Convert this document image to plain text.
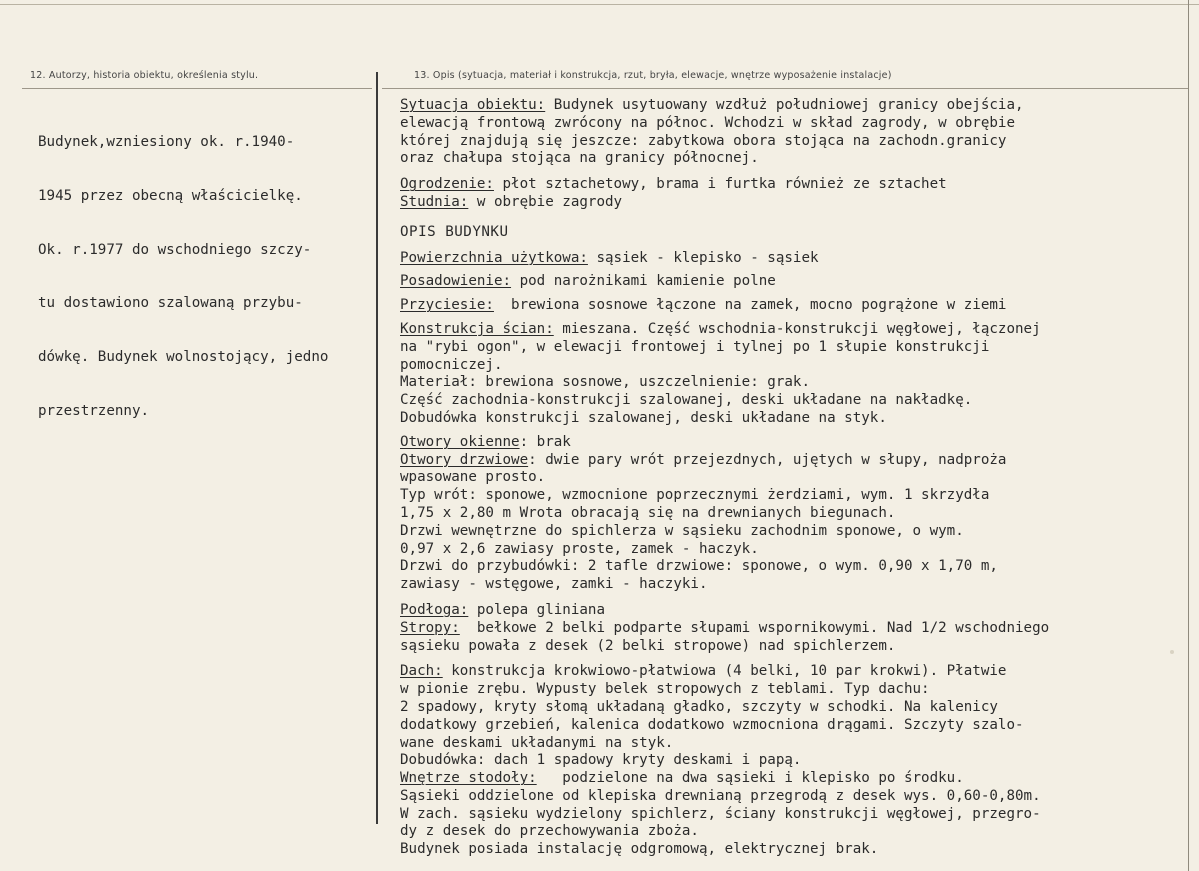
12. Autorzy, historia obiektu, określenia stylu.	13. Opis (sytuacja, materiał i konstrukcja, rzut, bryła, elewacje, wnętrze wyposażenie instalacje)

Budynek,wzniesiony ok. r.1940-

1945 przez obecną właścicielkę.

Ok. r.1977 do wschodniego szczy-

tu dostawiono szalowaną przybu-

dówkę. Budynek wolnostojący, jedno

przestrzenny.

Sytuacja obiektu: Budynek usytuowany wzdłuż południowej granicy obejścia,
elewacją frontową zwrócony na północ. Wchodzi w skład zagrody, w obrębie
której znajdują się jeszcze: zabytkowa obora stojąca na zachodn.granicy
oraz chałupa stojąca na granicy północnej.
Ogrodzenie: płot sztachetowy, brama i furtka również ze sztachet
Studnia: w obrębie zagrody
OPIS BUDYNKU
Powierzchnia użytkowa: sąsiek - klepisko - sąsiek
Posadowienie: pod narożnikami kamienie polne
Przyciesie:  brewiona sosnowe łączone na zamek, mocno pogrążone w ziemi
Konstrukcja ścian: mieszana. Część wschodnia-konstrukcji węgłowej, łączonej
na "rybi ogon", w elewacji frontowej i tylnej po 1 słupie konstrukcji
pomocniczej.
Materiał: brewiona sosnowe, uszczelnienie: grak.
Część zachodnia-konstrukcji szalowanej, deski układane na nakładkę.
Dobudówka konstrukcji szalowanej, deski układane na styk.
Otwory okienne: brak
Otwory drzwiowe: dwie pary wrót przejezdnych, ujętych w słupy, nadproża
wpasowane prosto.
Typ wrót: sponowe, wzmocnione poprzecznymi żerdziami, wym. 1 skrzydła
1,75 x 2,80 m Wrota obracają się na drewnianych biegunach.
Drzwi wewnętrzne do spichlerza w sąsieku zachodnim sponowe, o wym.
0,97 x 2,6 zawiasy proste, zamek - haczyk.
Drzwi do przybudówki: 2 tafle drzwiowe: sponowe, o wym. 0,90 x 1,70 m,
zawiasy - wstęgowe, zamki - haczyki.
Podłoga: polepa gliniana
Stropy:  bełkowe 2 belki podparte słupami wspornikowymi. Nad 1/2 wschodniego
sąsieku powała z desek (2 belki stropowe) nad spichlerzem.
Dach: konstrukcja krokwiowo-płatwiowa (4 belki, 10 par krokwi). Płatwie
w pionie zrębu. Wypusty belek stropowych z teblami. Typ dachu:
2 spadowy, kryty słomą układaną gładko, szczyty w schodki. Na kalenicy
dodatkowy grzebień, kalenica dodatkowo wzmocniona drągami. Szczyty szalo-
wane deskami układanymi na styk.
Dobudówka: dach 1 spadowy kryty deskami i papą.
Wnętrze stodoły:   podzielone na dwa sąsieki i klepisko po środku.
Sąsieki oddzielone od klepiska drewnianą przegrodą z desek wys. 0,60-0,80m.
W zach. sąsieku wydzielony spichlerz, ściany konstrukcji węgłowej, przegro-
dy z desek do przechowywania zboża.
Budynek posiada instalację odgromową, elektrycznej brak.
